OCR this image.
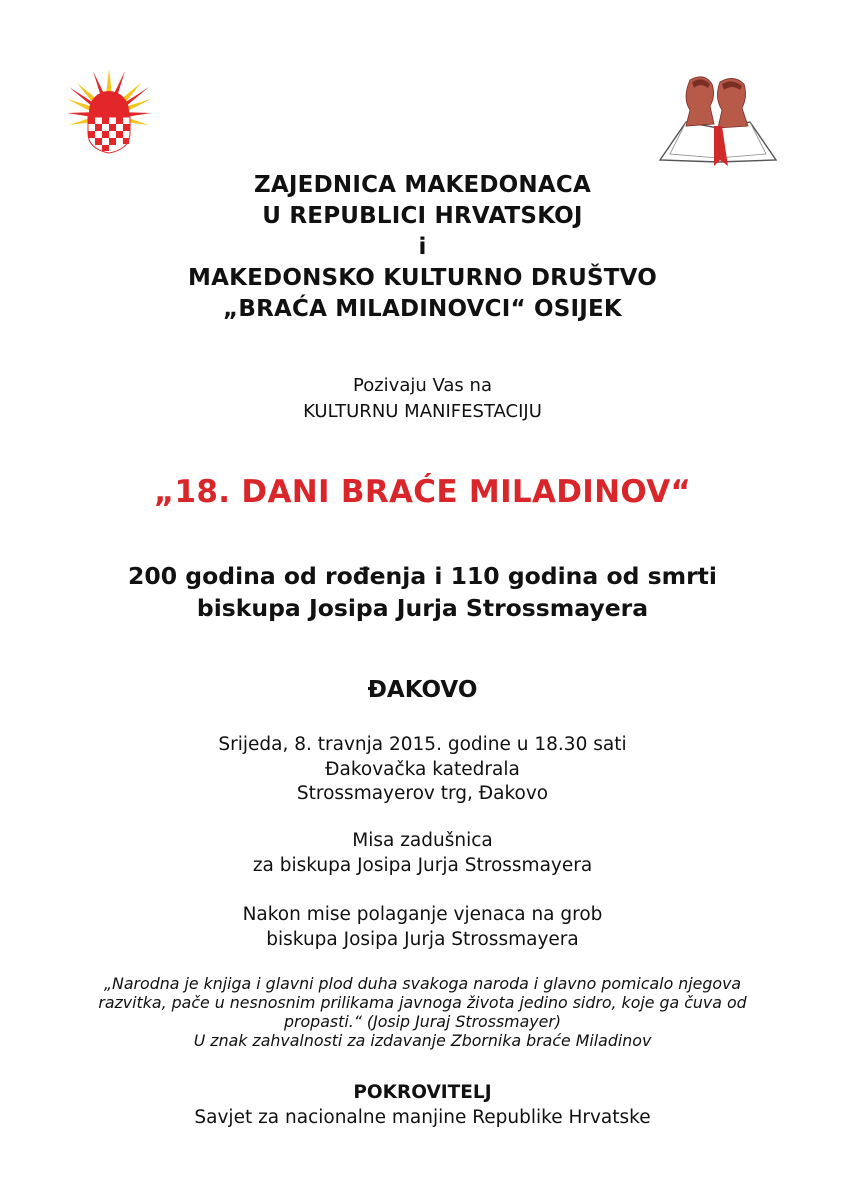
ZAJEDNICA MAKEDONACA
U REPUBLICI HRVATSKOJ
i
MAKEDONSKO KULTURNO DRUŠTVO
„BRAĆA MILADINOVCI“ OSIJEK
Pozivaju Vas na
KULTURNU MANIFESTACIJU
„18. DANI BRAĆE MILADINOV“
200 godina od rođenja i 110 godina od smrti
biskupa Josipa Jurja Strossmayera
ĐAKOVO
Srijeda, 8. travnja 2015. godine u 18.30 sati
Đakovačka katedrala
Strossmayerov trg, Đakovo
Misa zadušnica
za biskupa Josipa Jurja Strossmayera
Nakon mise polaganje vjenaca na grob
biskupa Josipa Jurja Strossmayera
„Narodna je knjiga i glavni plod duha svakoga naroda i glavno pomicalo njegova
razvitka, pače u nesnosnim prilikama javnoga života jedino sidro, koje ga čuva od
propasti.“ (Josip Juraj Strossmayer)
U znak zahvalnosti za izdavanje Zbornika braće Miladinov
POKROVITELJ
Savjet za nacionalne manjine Republike Hrvatske
